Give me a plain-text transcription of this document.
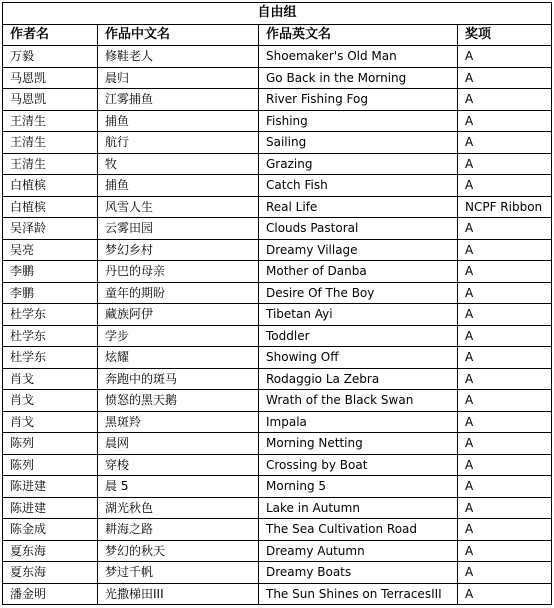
自由组			
作者名	作品中文名	作品英文名	奖项
万毅	修鞋老人	Shoemaker's Old Man	A
马恩凯	晨归	Go Back in the Morning	A
马恩凯	江雾捕鱼	River Fishing Fog	A
王清生	捕鱼	Fishing	A
王清生	航行	Sailing	A
王清生	牧	Grazing	A
白植槟	捕鱼	Catch Fish	A
白植槟	风雪人生	Real Life	NCPF Ribbon
吴泽龄	云雾田园	Clouds Pastoral	A
吴亮	梦幻乡村	Dreamy Village	A
李鹏	丹巴的母亲	Mother of Danba	A
李鹏	童年的期盼	Desire Of The Boy	A
杜学东	藏族阿伊	Tibetan Ayi	A
杜学东	学步	Toddler	A
杜学东	炫耀	Showing Off	A
肖戈	奔跑中的斑马	Rodaggio La Zebra	A
肖戈	愤怒的黑天鹅	Wrath of the Black Swan	A
肖戈	黑斑羚	Impala	A
陈列	晨网	Morning Netting	A
陈列	穿梭	Crossing by Boat	A
陈进建	晨 5	Morning 5	A
陈进建	湖光秋色	Lake in Autumn	A
陈金成	耕海之路	The Sea Cultivation Road	A
夏东海	梦幻的秋天	Dreamy Autumn	A
夏东海	梦过千帆	Dreamy Boats	A
潘金明	光撒梯田III	The Sun Shines on TerracesIII	A
